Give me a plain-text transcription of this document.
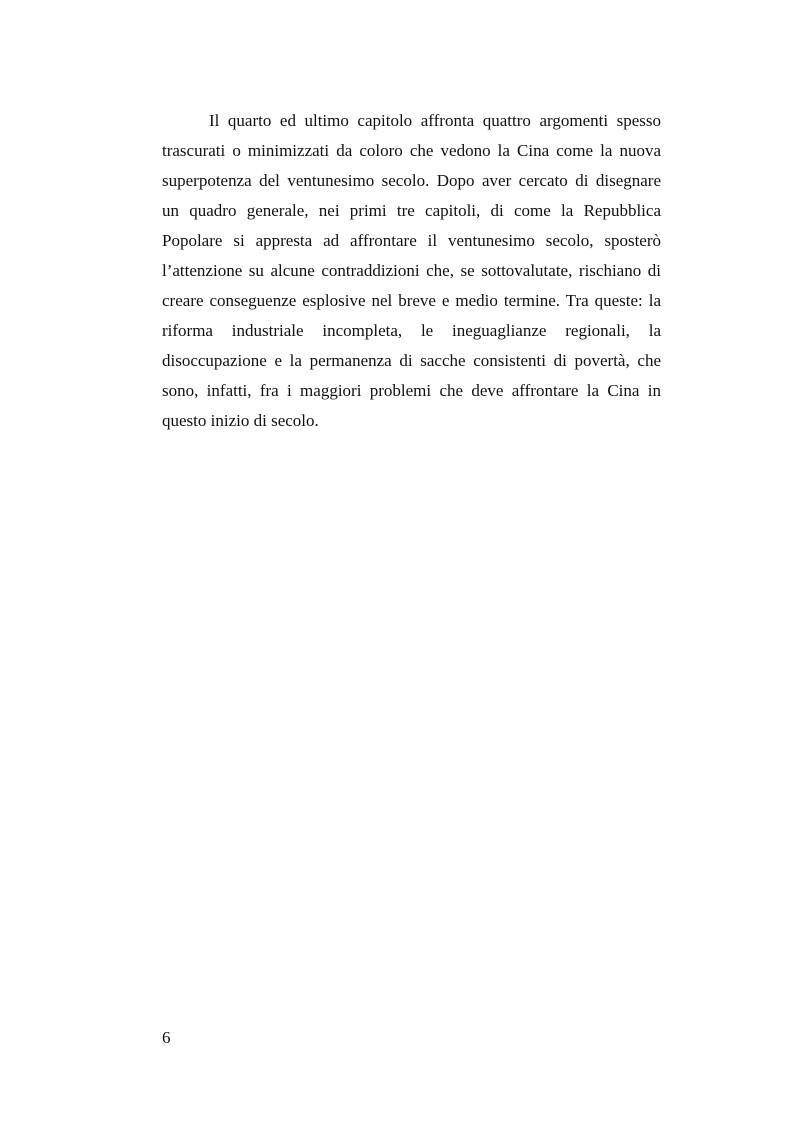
Il quarto ed ultimo capitolo affronta quattro argomenti spesso
trascurati o minimizzati da coloro che vedono la Cina come la nuova
superpotenza del ventunesimo secolo. Dopo aver cercato di disegnare
un quadro generale, nei primi tre capitoli, di come la Repubblica
Popolare si appresta ad affrontare il ventunesimo secolo, sposterò
l’attenzione su alcune contraddizioni che, se sottovalutate, rischiano di
creare conseguenze esplosive nel breve e medio termine. Tra queste: la
riforma industriale incompleta, le ineguaglianze regionali, la
disoccupazione e la permanenza di sacche consistenti di povertà, che
sono, infatti, fra i maggiori problemi che deve affrontare la Cina in
questo inizio di secolo.
6
